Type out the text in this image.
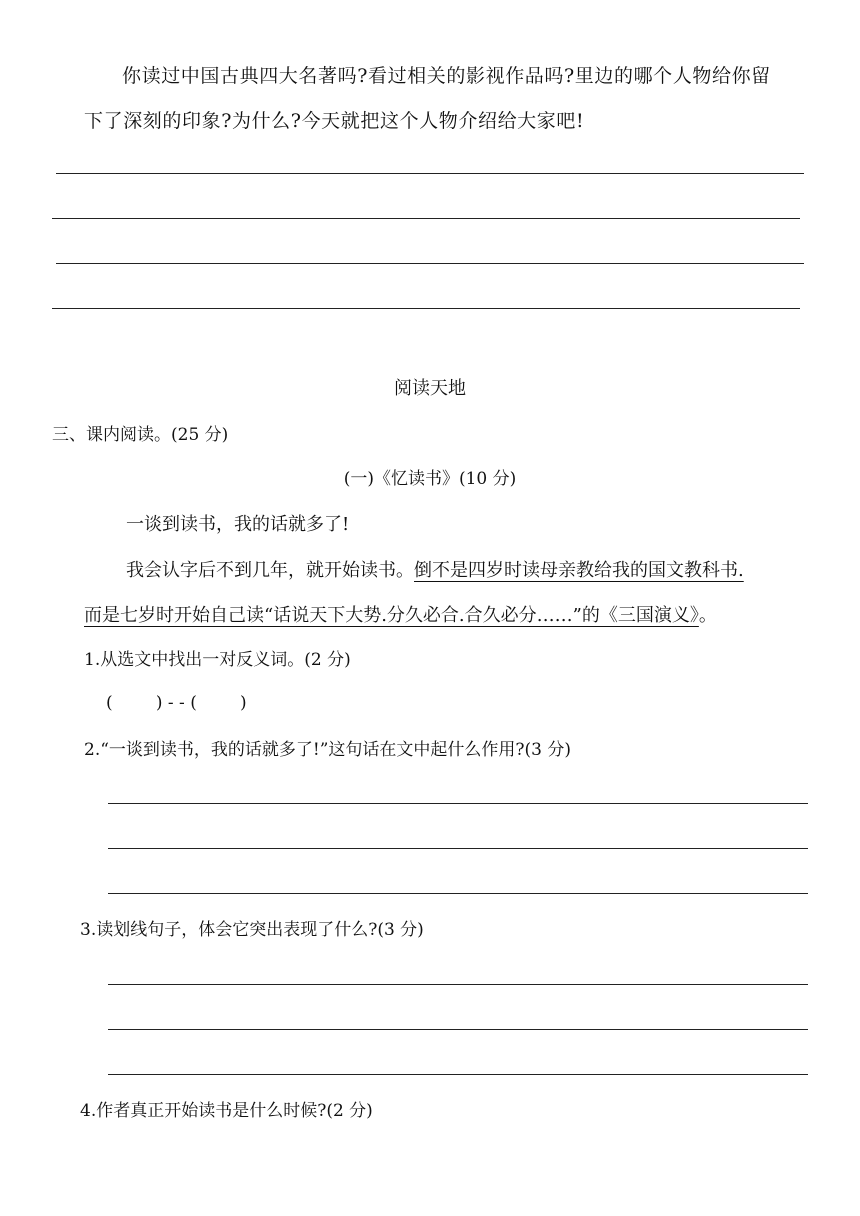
你读过中国古典四大名著吗?看过相关的影视作品吗?里边的哪个人物给你留
下了深刻的印象?为什么?今天就把这个人物介绍给大家吧!
阅读天地
三、课内阅读。(25 分)
(一)《忆读书》(10 分)
一谈到读书，我的话就多了!
我会认字后不到几年，就开始读书。倒不是四岁时读母亲教给我的国文教科书.
而是七岁时开始自己读“话说天下大势.分久必合.合久必分……”的《三国演义》。
1.从选文中找出一对反义词。(2 分)
(        ) - - (        )
2.“一谈到读书，我的话就多了!”这句话在文中起什么作用?(3 分)
3.读划线句子，体会它突出表现了什么?(3 分)
4.作者真正开始读书是什么时候?(2 分)
